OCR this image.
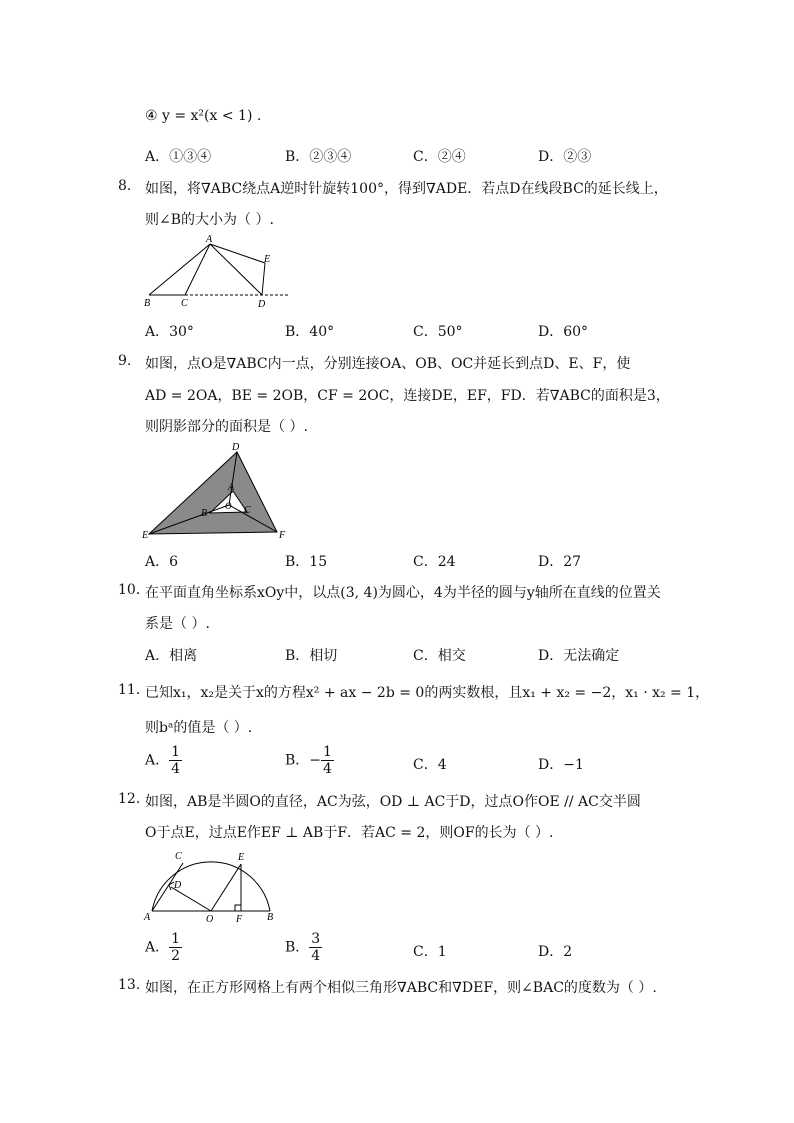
④ y = x²(x < 1) .
A．①③④	B．②③④	C．②④	D．②③
8. 如图，将∇ABC绕点A逆时针旋转100°，得到∇ADE．若点D在线段BC的延长线上，
则∠B的大小为（ ）.
A
B	C	D
E
A．30°	B．40°	C．50°	D．60°
9. 如图，点O是∇ABC内一点，分别连接OA、OB、OC并延长到点D、E、F，使
AD = 2OA，BE = 2OB，CF = 2OC，连接DE，EF，FD．若∇ABC的面积是3，
则阴影部分的面积是（ ）.
D
E	F
A
B	C
O
A．6	B．15	C．24	D．27
10. 在平面直角坐标系xOy中，以点(3, 4)为圆心，4为半径的圆与y轴所在直线的位置关
系是（ ）.
A．相离	B．相切	C．相交	D．无法确定
11. 已知x₁，x₂是关于x的方程x² + ax − 2b = 0的两实数根，且x₁ + x₂ = −2，x₁ · x₂ = 1，
则bᵃ的值是（ ）.
A． $\frac{1}{4}$	B．− $\frac{1}{4}$	C．4	D．−1
12. 如图，AB是半圆O的直径，AC为弦，OD ⊥ AC于D，过点O作OE // AC交半圆
O于点E，过点E作EF ⊥ AB于F．若AC = 2，则OF的长为（ ）.
C
D
A	O F B
E
A． $\frac{1}{2}$	B． $\frac{3}{4}$	C．1	D．2
13. 如图，在正方形网格上有两个相似三角形∇ABC和∇DEF，则∠BAC的度数为（ ）.
